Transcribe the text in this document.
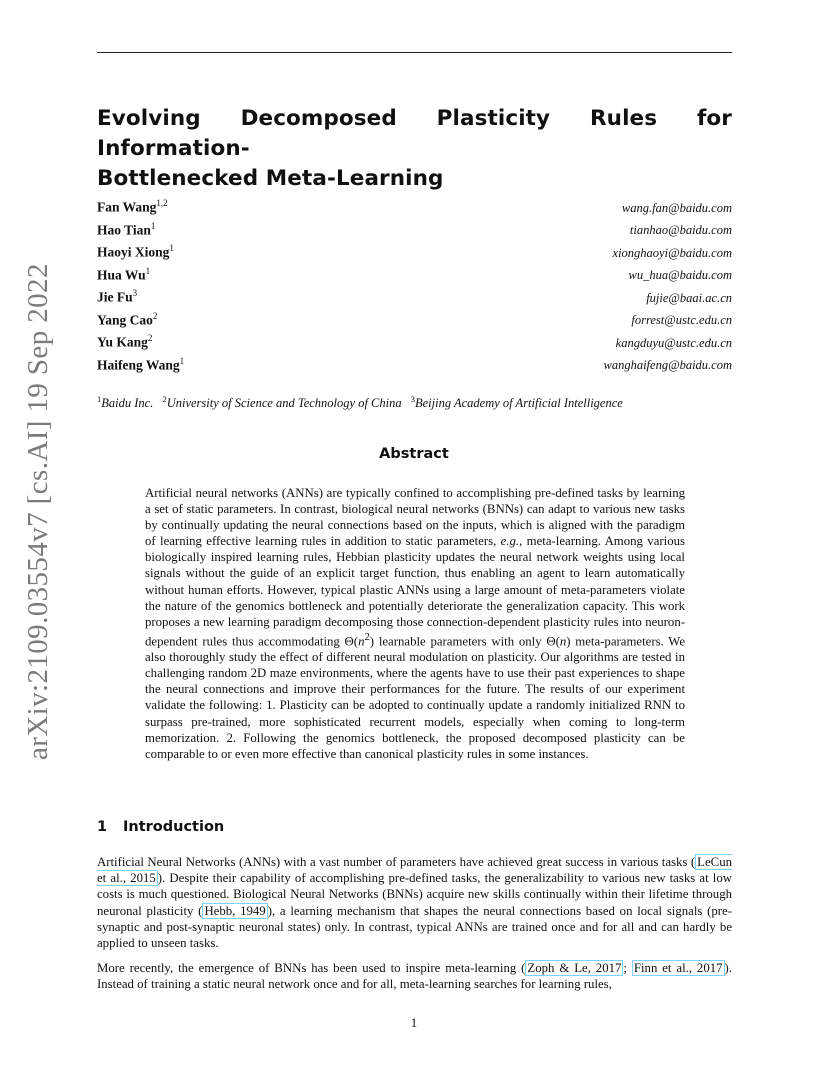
arXiv:2109.03554v7 [cs.AI] 19 Sep 2022
Evolving Decomposed Plasticity Rules for Information-
Bottlenecked Meta-Learning
Fan Wang$^{1,2}$	wang.fan@baidu.com
Hao Tian$^1$	tianhao@baidu.com
Haoyi Xiong$^1$	xionghaoyi@baidu.com
Hua Wu$^1$	wu_hua@baidu.com
Jie Fu$^3$	fujie@baai.ac.cn
Yang Cao$^2$	forrest@ustc.edu.cn
Yu Kang$^2$	kangduyu@ustc.edu.cn
Haifeng Wang$^1$	wanghaifeng@baidu.com
$^1$Baidu Inc. $^2$University of Science and Technology of China $^3$Beijing Academy of Artificial Intelligence
Abstract
Artificial neural networks (ANNs) are typically confined to accomplishing pre-defined tasks by learning a set of static parameters. In contrast, biological neural networks (BNNs) can adapt to various new tasks by continually updating the neural connections based on the inputs, which is aligned with the paradigm of learning effective learning rules in addition to static parameters, e.g., meta-learning. Among various biologically inspired learning rules, Hebbian plasticity updates the neural network weights using local signals without the guide of an explicit target function, thus enabling an agent to learn automatically without human efforts. However, typical plastic ANNs using a large amount of meta-parameters violate the nature of the genomics bottleneck and potentially deteriorate the generalization capacity. This work proposes a new learning paradigm decomposing those connection-dependent plasticity rules into neuron-dependent rules thus accommodating $\Theta(n^2)$ learnable parameters with only Θ(n) meta-parameters. We also thoroughly study the effect of different neural modulation on plasticity. Our algorithms are tested in challenging random 2D maze environments, where the agents have to use their past experiences to shape the neural connections and improve their performances for the future. The results of our experiment validate the following: 1. Plasticity can be adopted to continually update a randomly initialized RNN to surpass pre-trained, more sophisticated recurrent models, especially when coming to long-term memorization. 2. Following the genomics bottleneck, the proposed decomposed plasticity can be comparable to or even more effective than canonical plasticity rules in some instances.
1 Introduction
Artificial Neural Networks (ANNs) with a vast number of parameters have achieved great success in various tasks ( LeCun et al., 2015 ). Despite their capability of accomplishing pre-defined tasks, the generalizability to various new tasks at low costs is much questioned. Biological Neural Networks (BNNs) acquire new skills continually within their lifetime through neuronal plasticity ( Hebb, 1949 ), a learning mechanism that shapes the neural connections based on local signals (pre-synaptic and post-synaptic neuronal states) only. In contrast, typical ANNs are trained once and for all and can hardly be applied to unseen tasks.
More recently, the emergence of BNNs has been used to inspire meta-learning ( Zoph & Le, 2017 ; Finn et al., 2017 ). Instead of training a static neural network once and for all, meta-learning searches for learning rules,
1
